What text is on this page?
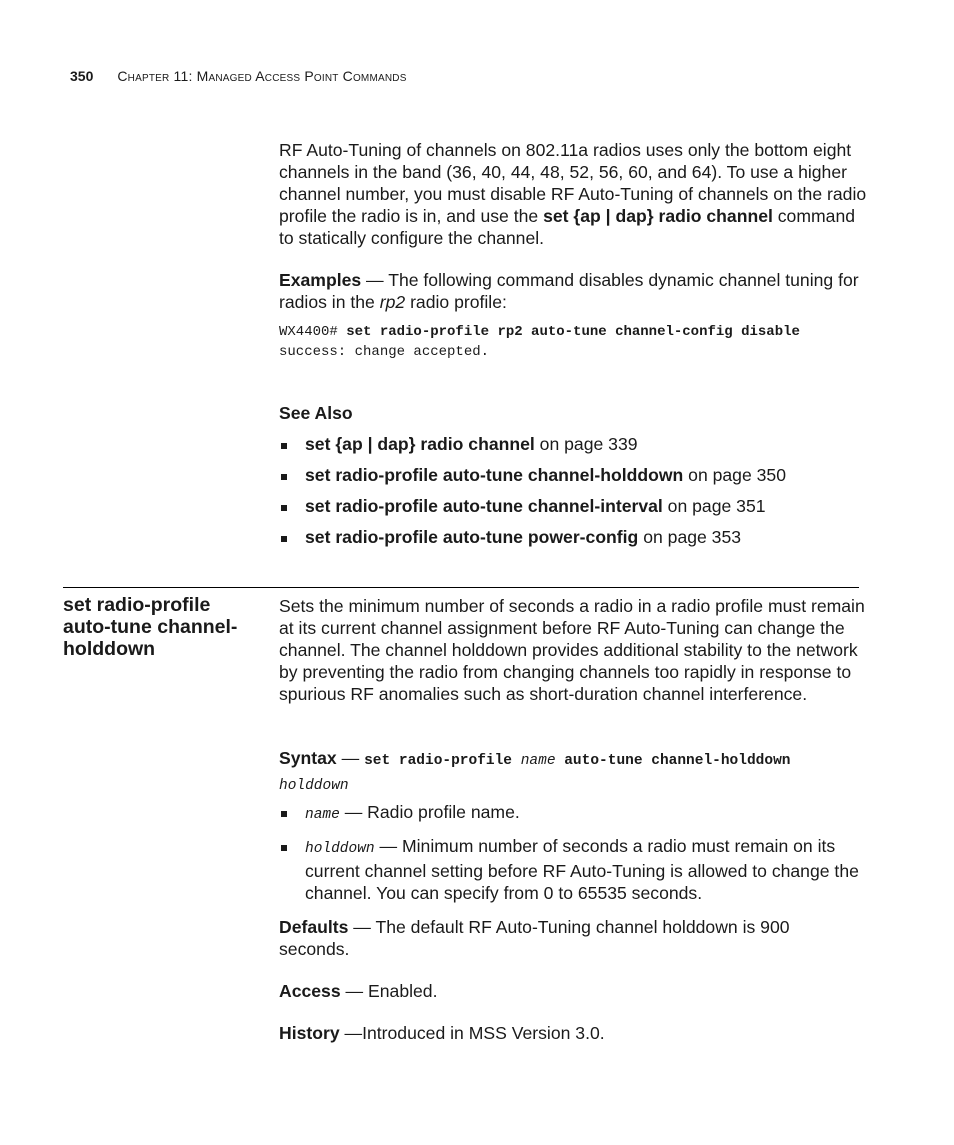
350 Chapter 11: Managed Access Point Commands

RF Auto-Tuning of channels on 802.11a radios uses only the bottom eight channels in the band (36, 40, 44, 48, 52, 56, 60, and 64). To use a higher channel number, you must disable RF Auto-Tuning of channels on the radio profile the radio is in, and use the set {ap | dap} radio channel command to statically configure the channel.

Examples — The following command disables dynamic channel tuning for radios in the rp2 radio profile:

WX4400# set radio-profile rp2 auto-tune channel-config disable
success: change accepted.
See Also
set {ap | dap} radio channel on page 339
set radio-profile auto-tune channel-holddown on page 350
set radio-profile auto-tune channel-interval on page 351
set radio-profile auto-tune power-config on page 353
set radio-profile auto-tune channel-holddown

Sets the minimum number of seconds a radio in a radio profile must remain at its current channel assignment before RF Auto-Tuning can change the channel. The channel holddown provides additional stability to the network by preventing the radio from changing channels too rapidly in response to spurious RF anomalies such as short-duration channel interference.

Syntax — set radio-profile name auto-tune channel-holddown
holddown

name — Radio profile name.
holddown — Minimum number of seconds a radio must remain on its current channel setting before RF Auto-Tuning is allowed to change the channel. You can specify from 0 to 65535 seconds.

Defaults — The default RF Auto-Tuning channel holddown is 900 seconds.

Access — Enabled.

History —Introduced in MSS Version 3.0.
